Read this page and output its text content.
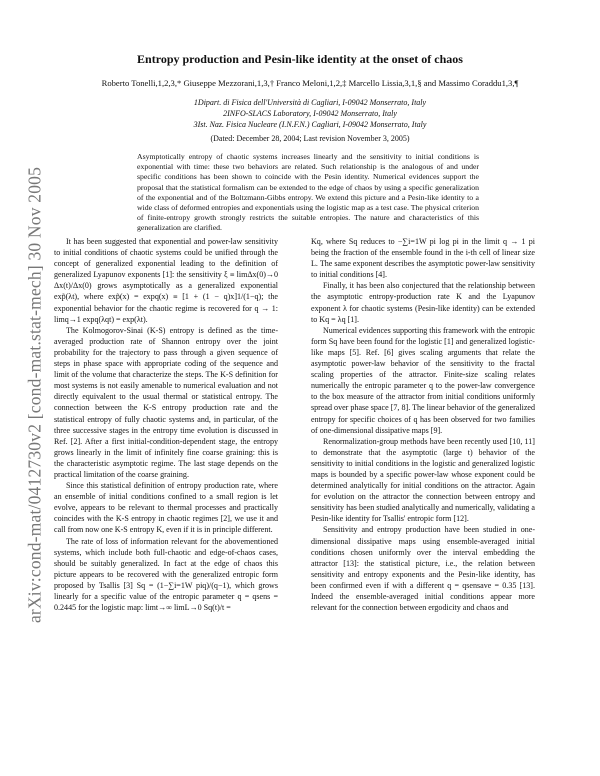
arXiv:cond-mat/0412730v2 [cond-mat.stat-mech] 30 Nov 2005
Entropy production and Pesin-like identity at the onset of chaos
Roberto Tonelli,1,2,3,* Giuseppe Mezzorani,1,3,† Franco Meloni,1,2,‡ Marcello Lissia,3,1,§ and Massimo Coraddu1,3,¶
1Dipart. di Fisica dell'Università di Cagliari, I-09042 Monserrato, Italy
2INFO-SLACS Laboratory, I-09042 Monserrato, Italy
3Ist. Naz. Fisica Nucleare (I.N.F.N.) Cagliari, I-09042 Monserrato, Italy
(Dated: December 28, 2004; Last revision November 3, 2005)

Asymptotically entropy of chaotic systems increases linearly and the sensitivity to initial conditions is exponential with time: these two behaviors are related. Such relationship is the analogous of and under specific conditions has been shown to coincide with the Pesin identity. Numerical evidences support the proposal that the statistical formalism can be extended to the edge of chaos by using a specific generalization of the exponential and of the Boltzmann-Gibbs entropy. We extend this picture and a Pesin-like identity to a wide class of deformed entropies and exponentials using the logistic map as a test case. The physical criterion of finite-entropy growth strongly restricts the suitable entropies. The nature and characteristics of this generalization are clarified.

It has been suggested that exponential and power-law sensitivity to initial conditions of chaotic systems could be unified through the concept of generalized exponential leading to the definition of generalized Lyapunov exponents [1]: the sensitivity ξ ≡ limΔx(0)→0 Δx(t)/Δx(0) grows asymptotically as a generalized exponential exp̃(λt), where exp̃(x) = expq(x) ≡ [1 + (1 − q)x]1/(1−q); the exponential behavior for the chaotic regime is recovered for q → 1: limq→1 expq(λqt) = exp(λt).

The Kolmogorov-Sinai (K-S) entropy is defined as the time-averaged production rate of Shannon entropy over the joint probability for the trajectory to pass through a given sequence of steps in phase space with appropriate coding of the sequence and limit of the volume that characterize the steps. The K-S definition for most systems is not easily amenable to numerical evaluation and not directly equivalent to the usual thermal or statistical entropy. The connection between the K-S entropy production rate and the statistical entropy of fully chaotic systems and, in particular, of the three successive stages in the entropy time evolution is discussed in Ref. [2]. After a first initial-condition-dependent stage, the entropy grows linearly in the limit of infinitely fine coarse graining: this is the characteristic asymptotic regime. The last stage depends on the practical limitation of the coarse graining.

Since this statistical definition of entropy production rate, where an ensemble of initial conditions confined to a small region is let evolve, appears to be relevant to thermal processes and practically coincides with the K-S entropy in chaotic regimes [2], we use it and call from now one K-S entropy K, even if it is in principle different.

The rate of loss of information relevant for the abovementioned systems, which include both full-chaotic and edge-of-chaos cases, should be suitably generalized. In fact at the edge of chaos this picture appears to be recovered with the generalized entropic form proposed by Tsallis [3] Sq = (1−∑i=1W piq)/(q−1), which grows linearly for a specific value of the entropic parameter q = qsens = 0.2445 for the logistic map: limt→∞ limL→0 Sq(t)/t =

Kq, where Sq reduces to −∑i=1W pi log pi in the limit q → 1 pi being the fraction of the ensemble found in the i-th cell of linear size L. The same exponent describes the asymptotic power-law sensitivity to initial conditions [4].

Finally, it has been also conjectured that the relationship between the asymptotic entropy-production rate K and the Lyapunov exponent λ for chaotic systems (Pesin-like identity) can be extended to Kq = λq [1].

Numerical evidences supporting this framework with the entropic form Sq have been found for the logistic [1] and generalized logistic-like maps [5]. Ref. [6] gives scaling arguments that relate the asymptotic power-law behavior of the sensitivity to the fractal scaling properties of the attractor. Finite-size scaling relates numerically the entropic parameter q to the power-law convergence to the box measure of the attractor from initial conditions uniformly spread over phase space [7, 8]. The linear behavior of the generalized entropy for specific choices of q has been observed for two families of one-dimensional dissipative maps [9].

Renormalization-group methods have been recently used [10, 11] to demonstrate that the asymptotic (large t) behavior of the sensitivity to initial conditions in the logistic and generalized logistic maps is bounded by a specific power-law whose exponent could be determined analytically for initial conditions on the attractor. Again for evolution on the attractor the connection between entropy and sensitivity has been studied analytically and numerically, validating a Pesin-like identity for Tsallis' entropic form [12].

Sensitivity and entropy production have been studied in one-dimensional dissipative maps using ensemble-averaged initial conditions chosen uniformly over the interval embedding the attractor [13]: the statistical picture, i.e., the relation between sensitivity and entropy exponents and the Pesin-like identity, has been confirmed even if with a different q = qsensave = 0.35 [13]. Indeed the ensemble-averaged initial conditions appear more relevant for the connection between ergodicity and chaos and
